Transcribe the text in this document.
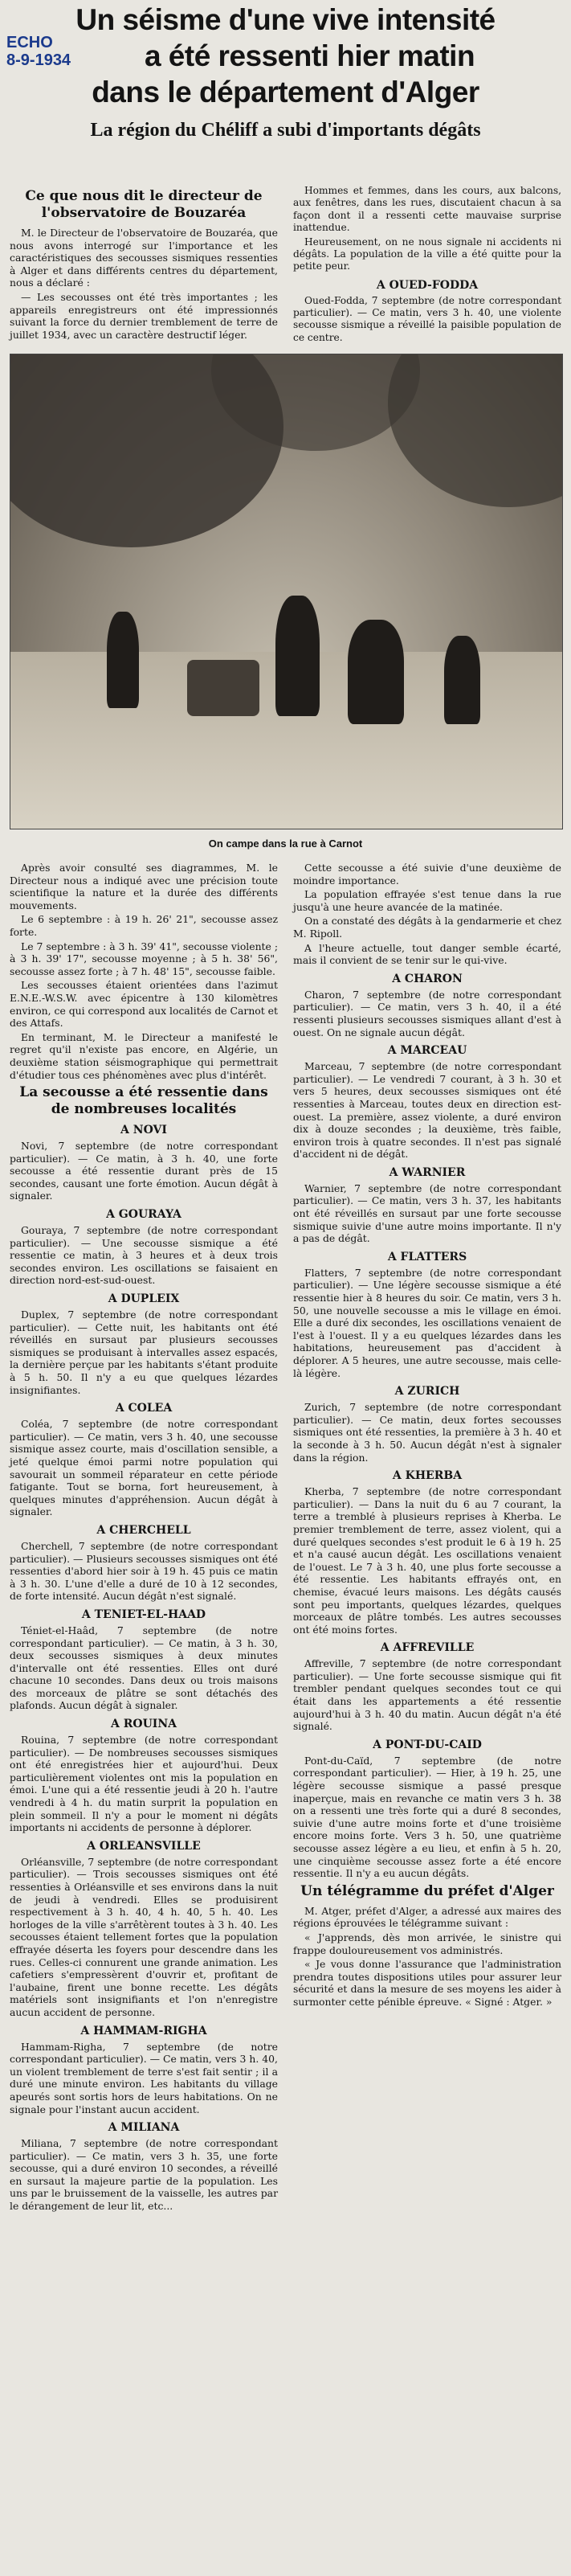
ECHO
8-9-1934
Un séisme d'une vive intensité
a été ressenti hier matin
dans le département d'Alger
La région du Chéliff a subi d'importants dégâts
Ce que nous dit le directeur de l'observatoire de Bouzaréa

M. le Directeur de l'observatoire de Bouzaréa, que nous avons interrogé sur l'importance et les caractéristiques des secousses sismiques ressenties à Alger et dans différents centres du département, nous a déclaré :

— Les secousses ont été très importantes ; les appareils enregistreurs ont été impressionnés suivant la force du dernier tremblement de terre de juillet 1934, avec un caractère destructif léger.

Hommes et femmes, dans les cours, aux balcons, aux fenêtres, dans les rues, discutaient chacun à sa façon dont il a ressenti cette mauvaise surprise inattendue.

Heureusement, on ne nous signale ni accidents ni dégâts. La population de la ville a été quitte pour la petite peur.

A OUED-FODDA

Oued-Fodda, 7 septembre (de notre correspondant particulier). — Ce matin, vers 3 h. 40, une violente secousse sismique a réveillé la paisible population de ce centre.

On campe dans la rue à Carnot

Après avoir consulté ses diagrammes, M. le Directeur nous a indiqué avec une précision toute scientifique la nature et la durée des différents mouvements.

Le 6 septembre : à 19 h. 26' 21", secousse assez forte.

Le 7 septembre : à 3 h. 39' 41", secousse violente ; à 3 h. 39' 17", secousse moyenne ; à 5 h. 38' 56", secousse assez forte ; à 7 h. 48' 15", secousse faible.

Les secousses étaient orientées dans l'azimut E.N.E.-W.S.W. avec épicentre à 130 kilomètres environ, ce qui correspond aux localités de Carnot et des Attafs.

En terminant, M. le Directeur a manifesté le regret qu'il n'existe pas encore, en Algérie, un deuxième station séismographique qui permettrait d'étudier tous ces phénomènes avec plus d'intérêt.

La secousse a été ressentie dans de nombreuses localités
A NOVI

Novi, 7 septembre (de notre correspondant particulier). — Ce matin, à 3 h. 40, une forte secousse a été ressentie durant près de 15 secondes, causant une forte émotion. Aucun dégât à signaler.

A GOURAYA

Gouraya, 7 septembre (de notre correspondant particulier). — Une secousse sismique a été ressentie ce matin, à 3 heures et à deux trois secondes environ. Les oscillations se faisaient en direction nord-est-sud-ouest.

A DUPLEIX

Duplex, 7 septembre (de notre correspondant particulier). — Cette nuit, les habitants ont été réveillés en sursaut par plusieurs secousses sismiques se produisant à intervalles assez espacés, la dernière perçue par les habitants s'étant produite à 5 h. 50. Il n'y a eu que quelques lézardes insignifiantes.

A COLEA

Coléa, 7 septembre (de notre correspondant particulier). — Ce matin, vers 3 h. 40, une secousse sismique assez courte, mais d'oscillation sensible, a jeté quelque émoi parmi notre population qui savourait un sommeil réparateur en cette période fatigante. Tout se borna, fort heureusement, à quelques minutes d'appréhension. Aucun dégât à signaler.

A CHERCHELL

Cherchell, 7 septembre (de notre correspondant particulier). — Plusieurs secousses sismiques ont été ressenties d'abord hier soir à 19 h. 45 puis ce matin à 3 h. 30. L'une d'elle a duré de 10 à 12 secondes, de forte intensité. Aucun dégât n'est signalé.

A TENIET-EL-HAAD

Téniet-el-Haâd, 7 septembre (de notre correspondant particulier). — Ce matin, à 3 h. 30, deux secousses sismiques à deux minutes d'intervalle ont été ressenties. Elles ont duré chacune 10 secondes. Dans deux ou trois maisons des morceaux de plâtre se sont détachés des plafonds. Aucun dégât à signaler.

A ROUINA

Rouina, 7 septembre (de notre correspondant particulier). — De nombreuses secousses sismiques ont été enregistrées hier et aujourd'hui. Deux particulièrement violentes ont mis la population en émoi. L'une qui a été ressentie jeudi à 20 h. l'autre vendredi à 4 h. du matin surprit la population en plein sommeil. Il n'y a pour le moment ni dégâts importants ni accidents de personne à déplorer.

A ORLEANSVILLE

Orléansville, 7 septembre (de notre correspondant particulier). — Trois secousses sismiques ont été ressenties à Orléansville et ses environs dans la nuit de jeudi à vendredi. Elles se produisirent respectivement à 3 h. 40, 4 h. 40, 5 h. 40. Les horloges de la ville s'arrêtèrent toutes à 3 h. 40. Les secousses étaient tellement fortes que la population effrayée déserta les foyers pour descendre dans les rues. Celles-ci connurent une grande animation. Les cafetiers s'empressèrent d'ouvrir et, profitant de l'aubaine, firent une bonne recette. Les dégâts matériels sont insignifiants et l'on n'enregistre aucun accident de personne.

A HAMMAM-RIGHA

Hammam-Righa, 7 septembre (de notre correspondant particulier). — Ce matin, vers 3 h. 40, un violent tremblement de terre s'est fait sentir ; il a duré une minute environ. Les habitants du village apeurés sont sortis hors de leurs habitations. On ne signale pour l'instant aucun accident.

A MILIANA

Miliana, 7 septembre (de notre correspondant particulier). — Ce matin, vers 3 h. 35, une forte secousse, qui a duré environ 10 secondes, a réveillé en sursaut la majeure partie de la population. Les uns par le bruissement de la vaisselle, les autres par le dérangement de leur lit, etc...

Cette secousse a été suivie d'une deuxième de moindre importance.

La population effrayée s'est tenue dans la rue jusqu'à une heure avancée de la matinée.

On a constaté des dégâts à la gendarmerie et chez M. Ripoll.

A l'heure actuelle, tout danger semble écarté, mais il convient de se tenir sur le qui-vive.

A CHARON

Charon, 7 septembre (de notre correspondant particulier). — Ce matin, vers 3 h. 40, il a été ressenti plusieurs secousses sismiques allant d'est à ouest. On ne signale aucun dégât.

A MARCEAU

Marceau, 7 septembre (de notre correspondant particulier). — Le vendredi 7 courant, à 3 h. 30 et vers 5 heures, deux secousses sismiques ont été ressenties à Marceau, toutes deux en direction est-ouest. La première, assez violente, a duré environ dix à douze secondes ; la deuxième, très faible, environ trois à quatre secondes. Il n'est pas signalé d'accident ni de dégât.

A WARNIER

Warnier, 7 septembre (de notre correspondant particulier). — Ce matin, vers 3 h. 37, les habitants ont été réveillés en sursaut par une forte secousse sismique suivie d'une autre moins importante. Il n'y a pas de dégât.

A FLATTERS

Flatters, 7 septembre (de notre correspondant particulier). — Une légère secousse sismique a été ressentie hier à 8 heures du soir. Ce matin, vers 3 h. 50, une nouvelle secousse a mis le village en émoi. Elle a duré dix secondes, les oscillations venaient de l'est à l'ouest. Il y a eu quelques lézardes dans les habitations, heureusement pas d'accident à déplorer. A 5 heures, une autre secousse, mais celle-là légère.

A ZURICH

Zurich, 7 septembre (de notre correspondant particulier). — Ce matin, deux fortes secousses sismiques ont été ressenties, la première à 3 h. 40 et la seconde à 3 h. 50. Aucun dégât n'est à signaler dans la région.

A KHERBA

Kherba, 7 septembre (de notre correspondant particulier). — Dans la nuit du 6 au 7 courant, la terre a tremblé à plusieurs reprises à Kherba. Le premier tremblement de terre, assez violent, qui a duré quelques secondes s'est produit le 6 à 19 h. 25 et n'a causé aucun dégât. Les oscillations venaient de l'ouest. Le 7 à 3 h. 40, une plus forte secousse a été ressentie. Les habitants effrayés ont, en chemise, évacué leurs maisons. Les dégâts causés sont peu importants, quelques lézardes, quelques morceaux de plâtre tombés. Les autres secousses ont été moins fortes.

A AFFREVILLE

Affreville, 7 septembre (de notre correspondant particulier). — Une forte secousse sismique qui fit trembler pendant quelques secondes tout ce qui était dans les appartements a été ressentie aujourd'hui à 3 h. 40 du matin. Aucun dégât n'a été signalé.

A PONT-DU-CAID

Pont-du-Caïd, 7 septembre (de notre correspondant particulier). — Hier, à 19 h. 25, une légère secousse sismique a passé presque inaperçue, mais en revanche ce matin vers 3 h. 38 on a ressenti une très forte qui a duré 8 secondes, suivie d'une autre moins forte et d'une troisième encore moins forte. Vers 3 h. 50, une quatrième secousse assez légère a eu lieu, et enfin à 5 h. 20, une cinquième secousse assez forte a été encore ressentie. Il n'y a eu aucun dégâts.

Un télégramme du préfet d'Alger

M. Atger, préfet d'Alger, a adressé aux maires des régions éprouvées le télégramme suivant :

« J'apprends, dès mon arrivée, le sinistre qui frappe douloureusement vos administrés.

« Je vous donne l'assurance que l'administration prendra toutes dispositions utiles pour assurer leur sécurité et dans la mesure de ses moyens les aider à surmonter cette pénible épreuve. « Signé : Atger. »
